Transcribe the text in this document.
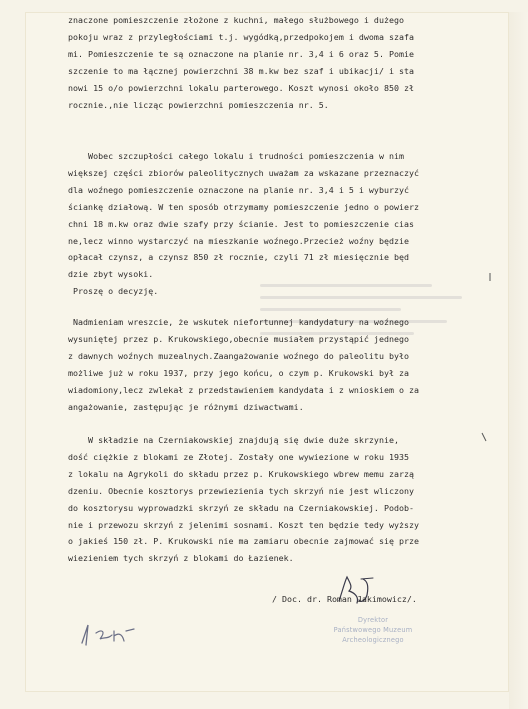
znaczone pomieszczenie złożone z kuchni, małego służbowego i dużego
pokoju wraz z przyległościami t.j. wygódką,przedpokojem i dwoma szafa
mi. Pomieszczenie te są oznaczone na planie nr. 3,4 i 6 oraz 5. Pomie
szczenie to ma łącznej powierzchni 38 m.kw bez szaf i ubikacji/ i sta
nowi 15 o/o powierzchni lokalu parterowego. Koszt wynosi około 850 zł
rocznie.,nie licząc powierzchni pomieszczenia nr. 5.
Wobec szczupłości całego lokalu i trudności pomieszczenia w nim
większej części zbiorów paleolitycznych uważam za wskazane przeznaczyć
dla woźnego pomieszczenie oznaczone na planie nr. 3,4 i 5 i wyburzyć
ściankę działową. W ten sposób otrzymamy pomieszczenie jedno o powierz
chni 18 m.kw oraz dwie szafy przy ścianie. Jest to pomieszczenie cias
ne,lecz winno wystarczyć na mieszkanie woźnego.Przecież woźny będzie
opłacał czynsz, a czynsz 850 zł rocznie, czyli 71 zł miesięcznie będ
dzie zbyt wysoki.
Proszę o decyzję.
Nadmieniam wreszcie, że wskutek niefortunnej kandydatury na woźnego
wysuniętej przez p. Krukowskiego,obecnie musiałem przystąpić jednego
z dawnych woźnych muzealnych.Zaangażowanie woźnego do paleolitu było
możliwe już w roku 1937, przy jego końcu, o czym p. Krukowski był za
wiadomiony,lecz zwlekał z przedstawieniem kandydata i z wnioskiem o za
angażowanie, zastępując je różnymi dziwactwami.
W składzie na Czerniakowskiej znajdują się dwie duże skrzynie,
dość ciężkie z blokami ze Złotej. Zostały one wywiezione w roku 1935
z lokalu na Agrykoli do składu przez p. Krukowskiego wbrew memu zarzą
dzeniu. Obecnie kosztorys przewiezienia tych skrzyń nie jest wliczony
do kosztorysu wyprowadzki skrzyń ze składu na Czerniakowskiej. Podob-
nie i przewozu skrzyń z jelenimi sosnami. Koszt ten będzie tedy wyższy
o jakieś 150 zł. P. Krukowski nie ma zamiaru obecnie zajmować się prze
wiezieniem tych skrzyń z blokami do Łazienek.
/ Doc. dr. Roman Jakimowicz/.
Dyrektor
Państwowego Muzeum
Archeologicznego
